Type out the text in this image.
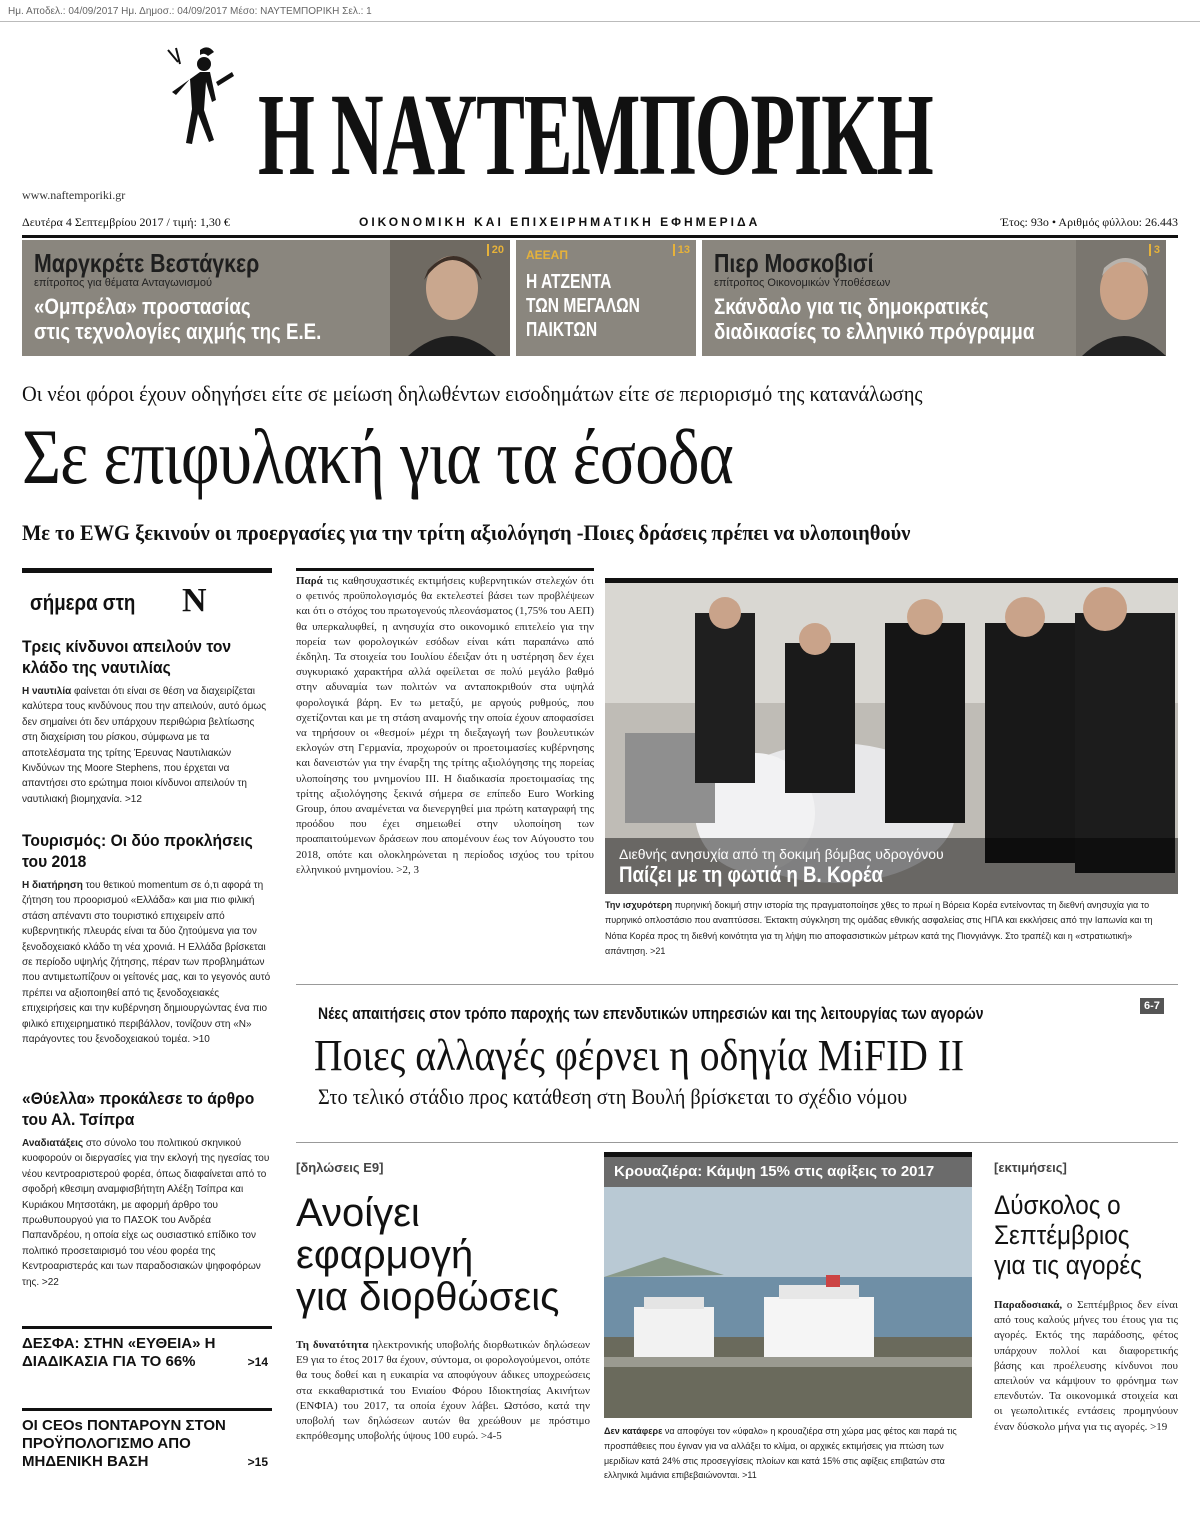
Ημ. Αποδελ.: 04/09/2017 Ημ. Δημοσ.: 04/09/2017 Μέσο: ΝΑΥΤΕΜΠΟΡΙΚΗ Σελ.: 1
Η ΝΑΥΤΕΜΠΟΡΙΚΗ
www.naftemporiki.gr
Δευτέρα 4 Σεπτεμβρίου 2017 / τιμή: 1,30 €	ΟΙΚΟΝΟΜΙΚΗ ΚΑΙ ΕΠΙΧΕΙΡΗΜΑΤΙΚΗ ΕΦΗΜΕΡΙΔΑ	Έτος: 93ο • Αριθμός φύλλου: 26.443
20
Μαργκρέτε Βεστάγκερ
επίτροπος για θέματα Ανταγωνισμού
«Ομπρέλα» προστασίας
στις τεχνολογίες αιχμής της Ε.Ε.
13
ΑΕΕΑΠ
Η ΑΤΖΕΝΤΑ
ΤΩΝ ΜΕΓΑΛΩΝ
ΠΑΙΚΤΩΝ
3
Πιερ Μοσκοβισί
επίτροπος Οικονομικών Υποθέσεων
Σκάνδαλο για τις δημοκρατικές
διαδικασίες το ελληνικό πρόγραμμα
Οι νέοι φόροι έχουν οδηγήσει είτε σε μείωση δηλωθέντων εισοδημάτων είτε σε περιορισμό της κατανάλωσης
Σε επιφυλακή για τα έσοδα
Με το EWG ξεκινούν οι προεργασίες για την τρίτη αξιολόγηση -Ποιες δράσεις πρέπει να υλοποιηθούν
σήμερα στη Ν
Τρεις κίνδυνοι απειλούν τον κλάδο της ναυτιλίας

Η ναυτιλία φαίνεται ότι είναι σε θέση να διαχειρίζεται καλύτερα τους κινδύνους που την απειλούν, αυτό όμως δεν σημαίνει ότι δεν υπάρχουν περιθώρια βελτίωσης στη διαχείριση του ρίσκου, σύμφωνα με τα αποτελέσματα της τρίτης Έρευνας Ναυτιλιακών Κινδύνων της Moore Stephens, που έρχεται να απαντήσει στο ερώτημα ποιοι κίνδυνοι απειλούν τη ναυτιλιακή βιομηχανία. >12

Τουρισμός: Οι δύο προκλήσεις του 2018

Η διατήρηση του θετικού momentum σε ό,τι αφορά τη ζήτηση του προορισμού «Ελλάδα» και μια πιο φιλική στάση απέναντι στο τουριστικό επιχειρείν από κυβερνητικής πλευράς είναι τα δύο ζητούμενα για τον ξενοδοχειακό κλάδο τη νέα χρονιά. Η Ελλάδα βρίσκεται σε περίοδο υψηλής ζήτησης, πέραν των προβλημάτων που αντιμετωπίζουν οι γείτονές μας, και το γεγονός αυτό πρέπει να αξιοποιηθεί από τις ξενοδοχειακές επιχειρήσεις και την κυβέρνηση δημιουργώντας ένα πιο φιλικό επιχειρηματικό περιβάλλον, τονίζουν στη «Ν» παράγοντες του ξενοδοχειακού τομέα. >10

«Θύελλα» προκάλεσε το άρθρο του Αλ. Τσίπρα

Αναδιατάξεις στο σύνολο του πολιτικού σκηνικού κυοφορούν οι διεργασίες για την εκλογή της ηγεσίας του νέου κεντροαριστερού φορέα, όπως διαφαίνεται από το σφοδρή κθεσιμη αναμφισβήτητη Αλέξη Τσίπρα και Κυριάκου Μητσοτάκη, με αφορμή άρθρο του πρωθυπουργού για το ΠΑΣΟΚ του Ανδρέα Παπανδρέου, η οποία είχε ως ουσιαστικό επίδικο τον πολιτικό προσεταιρισμό του νέου φορέα της Κεντροαριστεράς και των παραδοσιακών ψηφοφόρων της. >22

ΔΕΣΦΑ: ΣΤΗΝ «ΕΥΘΕΙΑ» Η ΔΙΑΔΙΚΑΣΙΑ ΓΙΑ ΤΟ 66%	>14
ΟΙ CEOs ΠΟΝΤΑΡΟΥΝ ΣΤΟΝ ΠΡΟΫΠΟΛΟΓΙΣΜΟ ΑΠΟ ΜΗΔΕΝΙΚΗ ΒΑΣΗ	>15
Παρά τις καθησυχαστικές εκτιμήσεις κυβερνητικών στελεχών ότι ο φετινός προϋπολογισμός θα εκτελεστεί βάσει των προβλέψεων και ότι ο στόχος του πρωτογενούς πλεονάσματος (1,75% του ΑΕΠ) θα υπερκαλυφθεί, η ανησυχία στο οικονομικό επιτελείο για την πορεία των φορολογικών εσόδων είναι κάτι παραπάνω από έκδηλη. Τα στοιχεία του Ιουλίου έδειξαν ότι η υστέρηση δεν έχει συγκυριακό χαρακτήρα αλλά οφείλεται σε πολύ μεγάλο βαθμό στην αδυναμία των πολιτών να ανταποκριθούν στα υψηλά φορολογικά βάρη. Εν τω μεταξύ, με αργούς ρυθμούς, που σχετίζονται και με τη στάση αναμονής την οποία έχουν αποφασίσει να τηρήσουν οι «θεσμοί» μέχρι τη διεξαγωγή των βουλευτικών εκλογών στη Γερμανία, προχωρούν οι προετοιμασίες κυβέρνησης και δανειστών για την έναρξη της τρίτης αξιολόγησης της πορείας υλοποίησης του μνημονίου ΙΙΙ. Η διαδικασία προετοιμασίας της τρίτης αξιολόγησης ξεκινά σήμερα σε επίπεδο Euro Working Group, όπου αναμένεται να διενεργηθεί μια πρώτη καταγραφή της προόδου που έχει σημειωθεί στην υλοποίηση των προαπαιτούμενων δράσεων που απομένουν έως τον Αύγουστο του 2018, οπότε και ολοκληρώνεται η περίοδος ισχύος του τρίτου ελληνικού μνημονίου. >2, 3
Διεθνής ανησυχία από τη δοκιμή βόμβας υδρογόνου
Παίζει με τη φωτιά η Β. Κορέα
Την ισχυρότερη πυρηνική δοκιμή στην ιστορία της πραγματοποίησε χθες το πρωί η Βόρεια Κορέα εντείνοντας τη διεθνή ανησυχία για το πυρηνικό οπλοστάσιο που αναπτύσσει. Έκτακτη σύγκληση της ομάδας εθνικής ασφαλείας στις ΗΠΑ και εκκλήσεις από την Ιαπωνία και τη Νότια Κορέα προς τη διεθνή κοινότητα για τη λήψη πιο αποφασιστικών μέτρων κατά της Πιονγιάνγκ. Στο τραπέζι και η «στρατιωτική» απάντηση. >21
Νέες απαιτήσεις στον τρόπο παροχής των επενδυτικών υπηρεσιών και της λειτουργίας των αγορών	6-7
Ποιες αλλαγές φέρνει η οδηγία MiFID II
Στο τελικό στάδιο προς κατάθεση στη Βουλή βρίσκεται το σχέδιο νόμου
[δηλώσεις Ε9]
Ανοίγει
εφαρμογή
για διορθώσεις
Τη δυνατότητα ηλεκτρονικής υποβολής διορθωτικών δηλώσεων Ε9 για το έτος 2017 θα έχουν, σύντομα, οι φορολογούμενοι, οπότε θα τους δοθεί και η ευκαιρία να αποφύγουν άδικες υποχρεώσεις στα εκκαθαριστικά του Ενιαίου Φόρου Ιδιοκτησίας Ακινήτων (ΕΝΦΙΑ) του 2017, τα οποία έχουν λάβει. Ωστόσο, κατά την υποβολή των δηλώσεων αυτών θα χρεώθουν με πρόστιμο εκπρόθεσμης υποβολής ύψους 100 ευρώ. >4-5
Κρουαζιέρα: Κάμψη 15% στις αφίξεις το 2017
Δεν κατάφερε να αποφύγει τον «ύφαλο» η κρουαζιέρα στη χώρα μας φέτος και παρά τις προσπάθειες που έγιναν για να αλλάξει το κλίμα, οι αρχικές εκτιμήσεις για πτώση των μεριδίων κατά 24% στις προσεγγίσεις πλοίων και κατά 15% στις αφίξεις επιβατών στα ελληνικά λιμάνια επιβεβαιώνονται. >11
[εκτιμήσεις]
Δύσκολος ο Σεπτέμβριος για τις αγορές
Παραδοσιακά, ο Σεπτέμβριος δεν είναι από τους καλούς μήνες του έτους για τις αγορές. Εκτός της παράδοσης, φέτος υπάρχουν πολλοί και διαφορετικής βάσης και προέλευσης κίνδυνοι που απειλούν να κάμψουν το φρόνημα των επενδυτών. Τα οικονομικά στοιχεία και οι γεωπολιτικές εντάσεις προμηνύουν έναν δύσκολο μήνα για τις αγορές. >19
